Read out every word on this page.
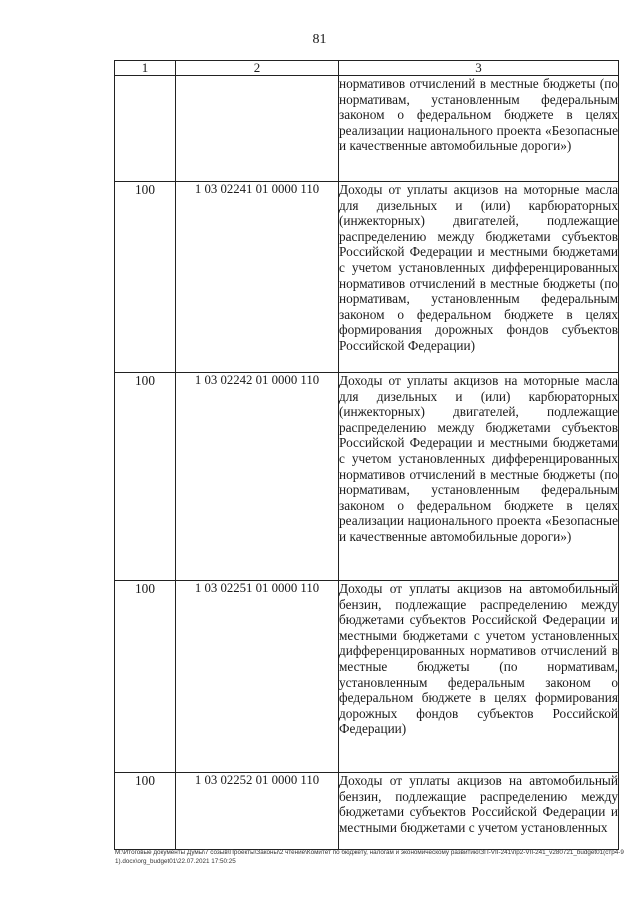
81
1	2	3
		нормативов отчислений в местные бюджеты (по нормативам, установленным федеральным законом о федеральном бюджете в целях реализации национального проекта «Безопасные и качественные автомобильные дороги»)
100	1 03 02241 01 0000 110	Доходы от уплаты акцизов на моторные масла для дизельных и (или) карбюраторных (инжекторных) двигателей, подлежащие распределению между бюджетами субъектов Российской Федерации и местными бюджетами с учетом установленных дифференцированных нормативов отчислений в местные бюджеты (по нормативам, установленным федеральным законом о федеральном бюджете в целях формирования дорожных фондов субъектов Российской Федерации)
100	1 03 02242 01 0000 110	Доходы от уплаты акцизов на моторные масла для дизельных и (или) карбюраторных (инжекторных) двигателей, подлежащие распределению между бюджетами субъектов Российской Федерации и местными бюджетами с учетом установленных дифференцированных нормативов отчислений в местные бюджеты (по нормативам, установленным федеральным законом о федеральном бюджете в целях реализации национального проекта «Безопасные и качественные автомобильные дороги»)
100	1 03 02251 01 0000 110	Доходы от уплаты акцизов на автомобильный бензин, подлежащие распределению между бюджетами субъектов Российской Федерации и местными бюджетами с учетом установленных дифференцированных нормативов отчислений в местные бюджеты (по нормативам, установленным федеральным законом о федеральном бюджете в целях формирования дорожных фондов субъектов Российской Федерации)
100	1 03 02252 01 0000 110	Доходы от уплаты акцизов на автомобильный бензин, подлежащие распределению между бюджетами субъектов Российской Федерации и местными бюджетами с учетом установленных
M:\Итоговые документы Думы\7 созыв\Проекты\Законы\2 чтение\Комитет по бюджету, налогам и экономическому развитию\ЗП-VII-241\пр2-VII-241_v280721_budget01(стр4-91).docx\org_budget01\22.07.2021 17:50:25
